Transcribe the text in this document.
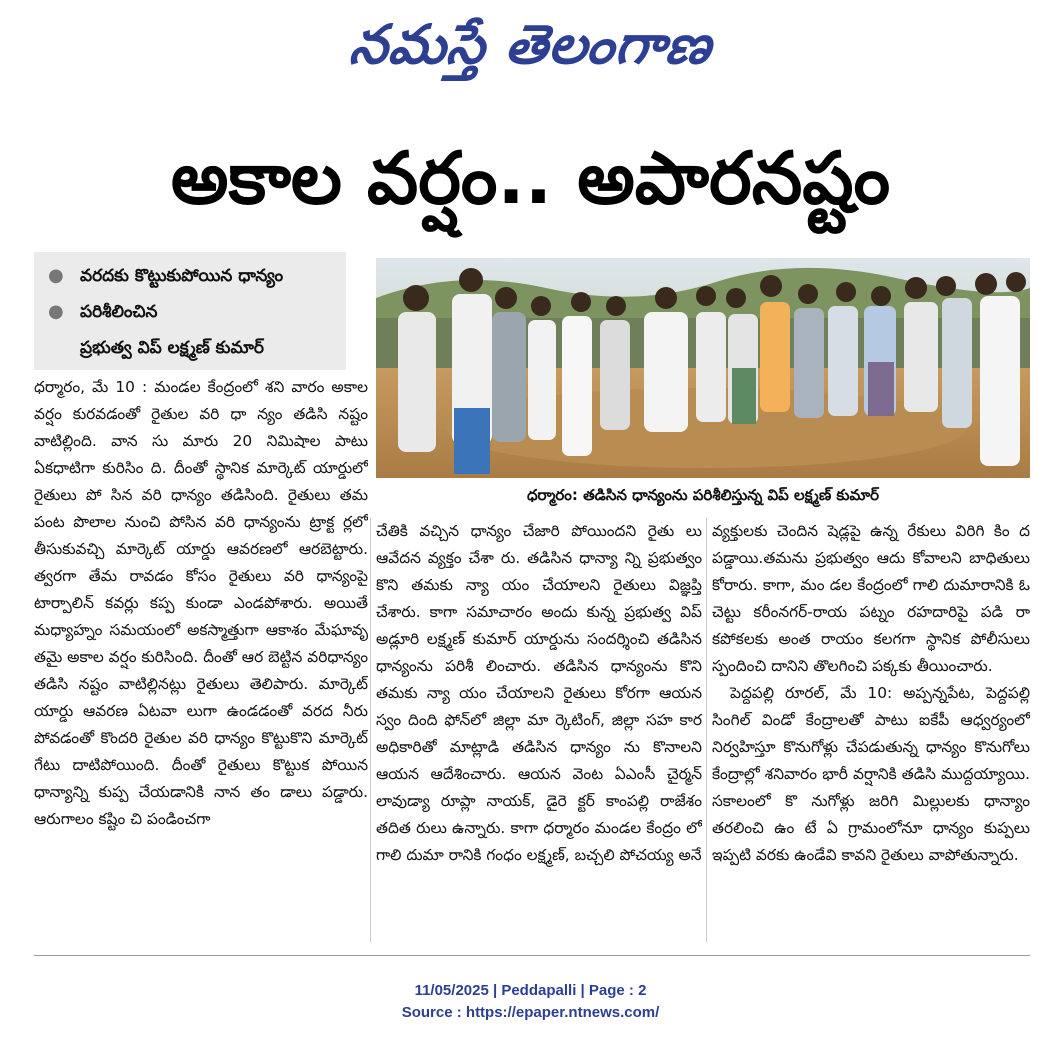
నమస్తే తెలంగాణ
అకాల వర్షం.. అపారనష్టం
● వరదకు కొట్టుకుపోయిన ధాన్యం
● పరిశీలించిన
ప్రభుత్వ విప్ లక్ష్మణ్ కుమార్
ధర్మారం: తడిసిన ధాన్యంను పరిశీలిస్తున్న విప్ లక్ష్మణ్ కుమార్

ధర్మారం, మే 10 : మండల కేంద్రంలో శని వారం అకాల వర్షం కురవడంతో రైతుల వరి ధా న్యం తడిసి నష్టం వాటిల్లింది. వాన సు మారు 20 నిమిషాల పాటు ఏకధాటిగా కురిసిం ది. దీంతో స్థానిక మార్కెట్ యార్డులో రైతులు పో సిన వరి ధాన్యం తడిసింది. రైతులు తమ పంట పొలాల నుంచి పోసిన వరి ధాన్యంను ట్రాక్ట ర్లలో తీసుకువచ్చి మార్కెట్ యార్డు ఆవరణలో ఆరబెట్టారు. త్వరగా తేమ రావడం కోసం రైతులు వరి ధాన్యంపై టార్పాలిన్ కవర్లు కప్ప కుండా ఎండపోశారు. అయితే మధ్యాహ్నం సమయంలో అకస్మాత్తుగా ఆకాశం మేఘావృ తమై అకాల వర్షం కురిసింది. దీంతో ఆర బెట్టిన వరిధాన్యం తడిసి నష్టం వాటిల్లినట్లు రైతులు తెలిపారు. మార్కెట్ యార్డు ఆవరణ ఏటవా లుగా ఉండడంతో వరద నీరు పోవడంతో కొందరి రైతుల వరి ధాన్యం కొట్టుకొని మార్కెట్ గేటు దాటిపోయింది. దీంతో రైతులు కొట్టుక పోయిన ధాన్యాన్ని కుప్ప చేయడానికి నాన తం డాలు పడ్డారు. ఆరుగాలం కష్టిం చి పండించగా

చేతికి వచ్చిన ధాన్యం చేజారి పోయిందని రైతు లు ఆవేదన వ్యక్తం చేశా రు. తడిసిన ధాన్యా న్ని ప్రభుత్వం కొని తమకు న్యా యం చేయాలని రైతులు విజ్ఞప్తి చేశారు. కాగా సమాచారం అందు కున్న ప్రభుత్వ విప్ అడ్లూరి లక్ష్మణ్ కుమార్ యార్డును సందర్శించి తడిసిన ధాన్యంను పరిశీ లించారు. తడిసిన ధాన్యంను కొని తమకు న్యా యం చేయాలని రైతులు కోరగా ఆయన స్వం దింది ఫోన్‌లో జిల్లా మా ర్కెటింగ్, జిల్లా సహ కార అధికారితో మాట్లాడి తడిసిన ధాన్యం ను కొనాలని ఆయన ఆదేశించారు. ఆయన వెంట ఏఎంసీ చైర్మన్ లావుడ్యా రూప్లా నాయక్, డైరె క్టర్ కాంపల్లి రాజేశం తదిత రులు ఉన్నారు. కాగా ధర్మారం మండల కేంద్రం లో గాలి దుమా రానికి గంధం లక్ష్మణ్, బచ్చలి పోచయ్య అనే

వ్యక్తులకు చెందిన షెడ్లపై ఉన్న రేకులు విరిగి కిం ద పడ్డాయి.తమను ప్రభుత్వం ఆదు కోవాలని బాధితులు కోరారు. కాగా, మం డల కేంద్రంలో గాలి దుమారానికి ఓ చెట్టు కరీంనగర్-రాయ పట్నం రహదారిపై పడి రా కపోకలకు అంత రాయం కలగగా స్థానిక పోలీసులు స్పందించి దానిని తొలగించి పక్కకు తీయించారు.

పెద్దపల్లి రూరల్, మే 10: అప్పన్నపేట, పెద్దపల్లి సింగిల్ విండో కేంద్రాలతో పాటు ఐకేపీ ఆధ్వర్యంలో నిర్వహిస్తూ కొనుగోళ్లు చేపడుతున్న ధాన్యం కొనుగోలు కేంద్రాల్లో శనివారం భారీ వర్షానికి తడిసి ముద్దయ్యాయి. సకాలంలో కొ నుగోళ్లు జరిగి మిల్లులకు ధాన్యాం తరలించి ఉం టే ఏ గ్రామంలోనూ ధాన్యం కుప్పలు ఇప్పటి వరకు ఉండేవి కావని రైతులు వాపోతున్నారు.

11/05/2025 | Peddapalli | Page : 2
Source : https://epaper.ntnews.com/
